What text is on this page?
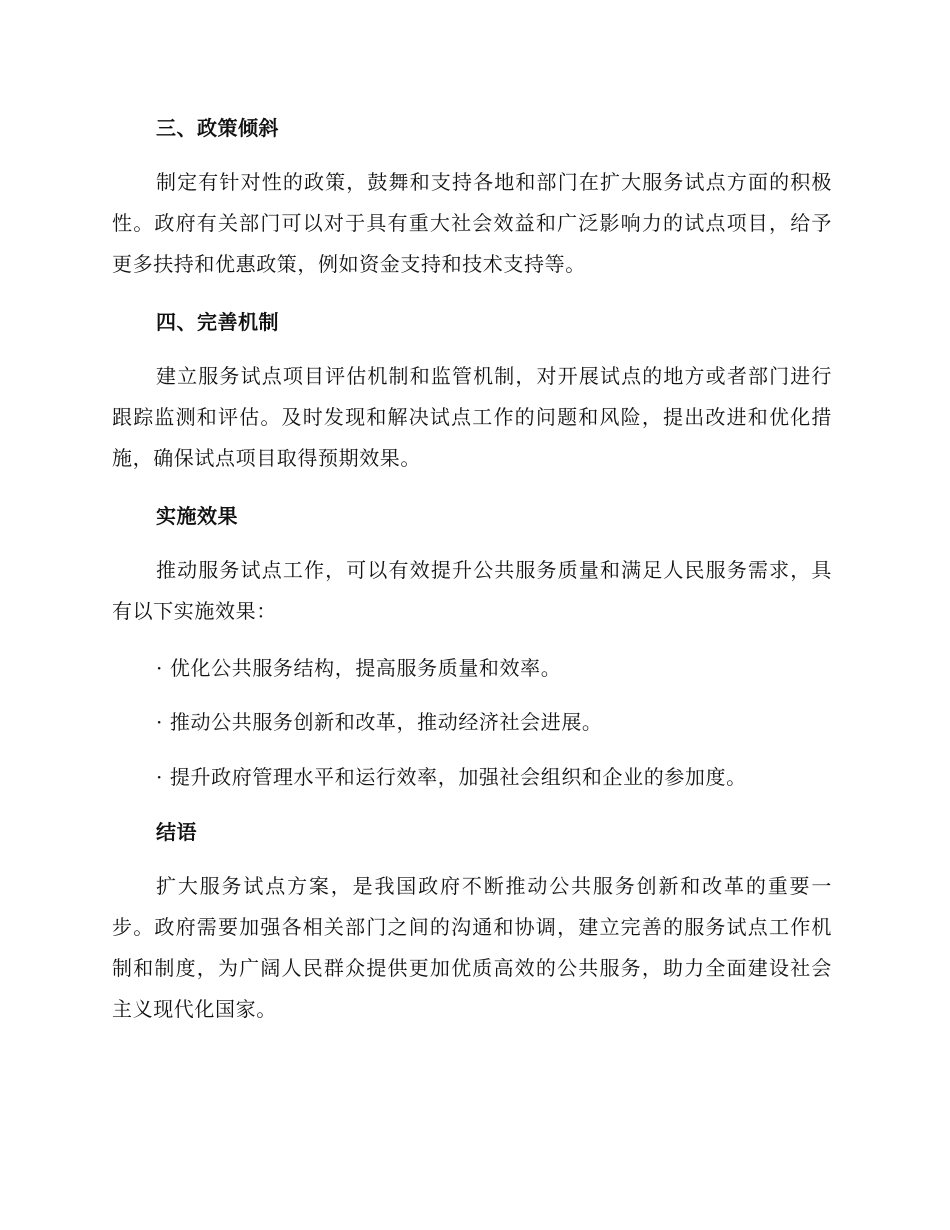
三、政策倾斜

制定有针对性的政策，鼓舞和支持各地和部门在扩大服务试点方面的积极性。政府有关部门可以对于具有重大社会效益和广泛影响力的试点项目，给予更多扶持和优惠政策，例如资金支持和技术支持等。

四、完善机制

建立服务试点项目评估机制和监管机制，对开展试点的地方或者部门进行跟踪监测和评估。及时发现和解决试点工作的问题和风险，提出改进和优化措施，确保试点项目取得预期效果。

实施效果

推动服务试点工作，可以有效提升公共服务质量和满足人民服务需求，具有以下实施效果：

· 优化公共服务结构，提高服务质量和效率。
· 推动公共服务创新和改革，推动经济社会进展。
· 提升政府管理水平和运行效率，加强社会组织和企业的参加度。
结语

扩大服务试点方案，是我国政府不断推动公共服务创新和改革的重要一步。政府需要加强各相关部门之间的沟通和协调，建立完善的服务试点工作机制和制度，为广阔人民群众提供更加优质高效的公共服务，助力全面建设社会主义现代化国家。
